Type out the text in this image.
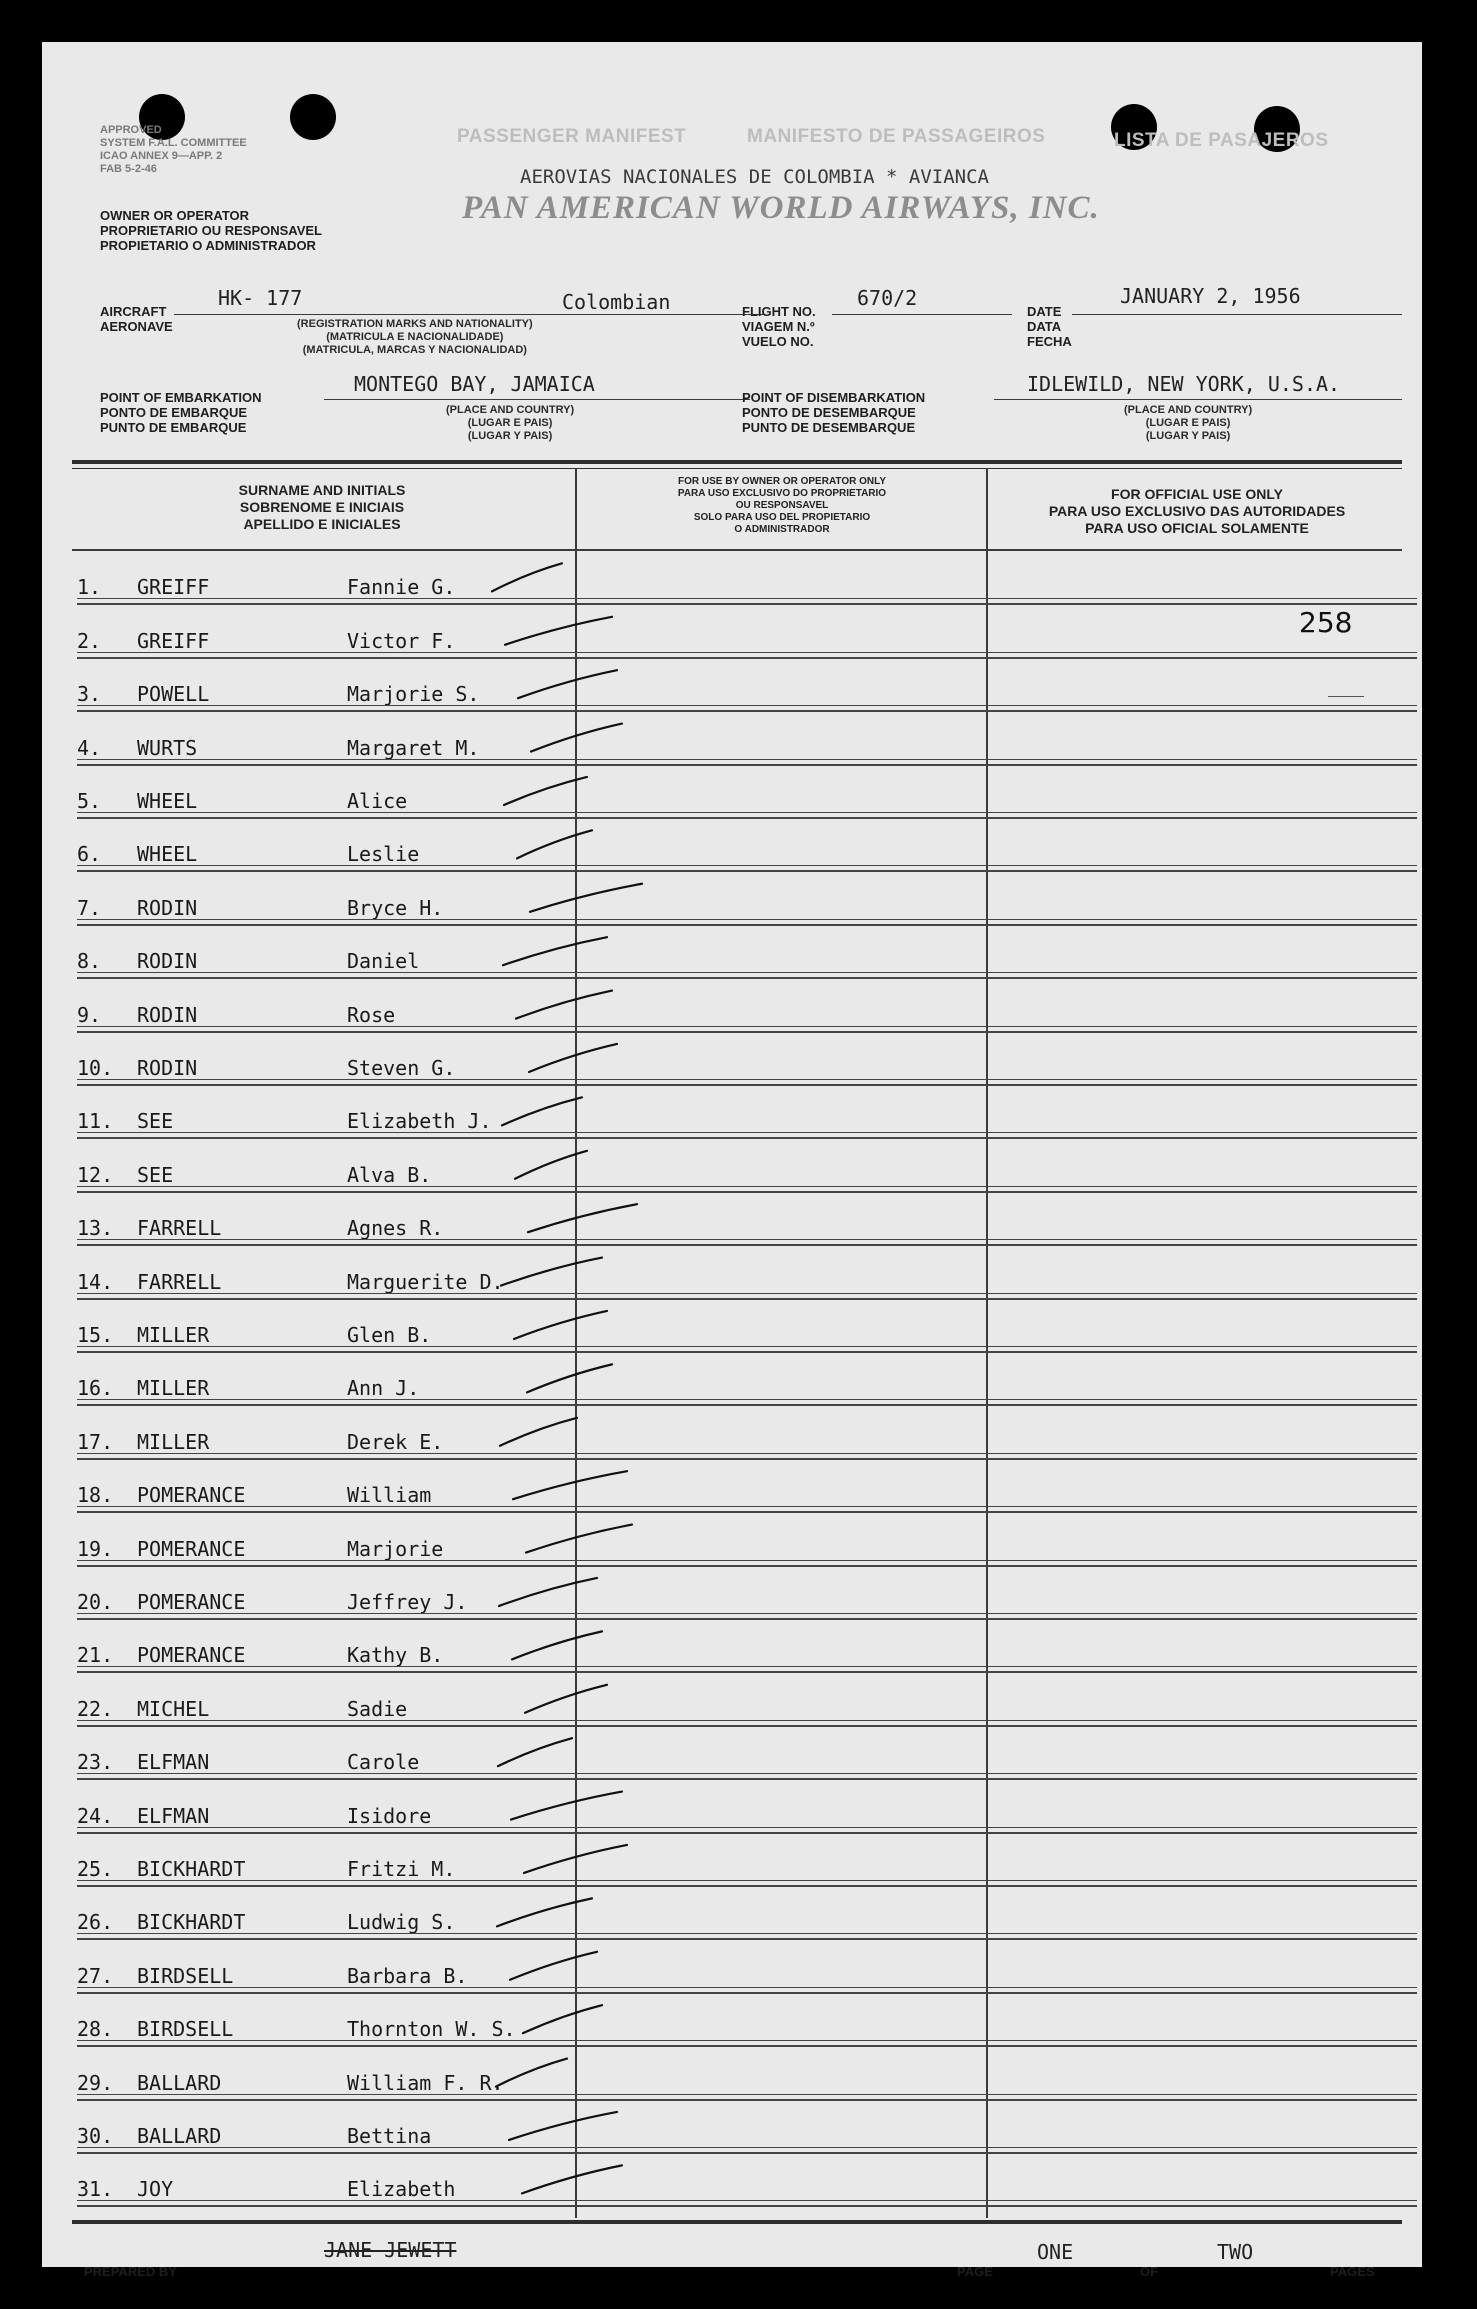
APPROVED
SYSTEM F.A.L. COMMITTEE
ICAO ANNEX 9—APP. 2
FAB 5-2-46
OWNER OR OPERATOR
PROPRIETARIO OU RESPONSAVEL
PROPIETARIO O ADMINISTRADOR
PASSENGER MANIFEST	MANIFESTO DE PASSAGEIROS	LISTA DE PASAJEROS
AEROVIAS NACIONALES DE COLOMBIA * AVIANCA
PAN AMERICAN WORLD AIRWAYS, INC.
AIRCRAFT
AERONAVE
HK- 177	Colombian
(REGISTRATION MARKS AND NATIONALITY)
(MATRICULA E NACIONALIDADE)
(MATRICULA, MARCAS Y NACIONALIDAD)
FLIGHT NO.
VIAGEM N.º
VUELO NO.
670/2
DATE
DATA
FECHA
JANUARY 2, 1956
POINT OF EMBARKATION
PONTO DE EMBARQUE
PUNTO DE EMBARQUE
MONTEGO BAY, JAMAICA
(PLACE AND COUNTRY)
(LUGAR E PAIS)
(LUGAR Y PAIS)
POINT OF DISEMBARKATION
PONTO DE DESEMBARQUE
PUNTO DE DESEMBARQUE
IDLEWILD, NEW YORK, U.S.A.
(PLACE AND COUNTRY)
(LUGAR E PAIS)
(LUGAR Y PAIS)
SURNAME AND INITIALS
SOBRENOME E INICIAIS
APELLIDO E INICIALES
FOR USE BY OWNER OR OPERATOR ONLY
PARA USO EXCLUSIVO DO PROPRIETARIO
OU RESPONSAVEL
SOLO PARA USO DEL PROPIETARIO
O ADMINISTRADOR
FOR OFFICIAL USE ONLY
PARA USO EXCLUSIVO DAS AUTORIDADES
PARA USO OFICIAL SOLAMENTE
1. GREIFF	Fannie G.
2. GREIFF	Victor F.
3. POWELL	Marjorie S.
4. WURTS	Margaret M.
5. WHEEL	Alice
6. WHEEL	Leslie
7. RODIN	Bryce H.
8. RODIN	Daniel
9. RODIN	Rose
10. RODIN	Steven G.
11. SEE	Elizabeth J.
12. SEE	Alva B.
13. FARRELL	Agnes R.
14. FARRELL	Marguerite D.
15. MILLER	Glen B.
16. MILLER	Ann J.
17. MILLER	Derek E.
18. POMERANCE	William
19. POMERANCE	Marjorie
20. POMERANCE	Jeffrey J.
21. POMERANCE	Kathy B.
22. MICHEL	Sadie
23. ELFMAN	Carole
24. ELFMAN	Isidore
25. BICKHARDT	Fritzi M.
26. BICKHARDT	Ludwig S.
27. BIRDSELL	Barbara B.
28. BIRDSELL	Thornton W. S.
29. BALLARD	William F. R.
30. BALLARD	Bettina
31. JOY	Elizabeth
258
PREPARED BY
JANE JEWETT
PAGE
ONE
OF
TWO
PAGES
